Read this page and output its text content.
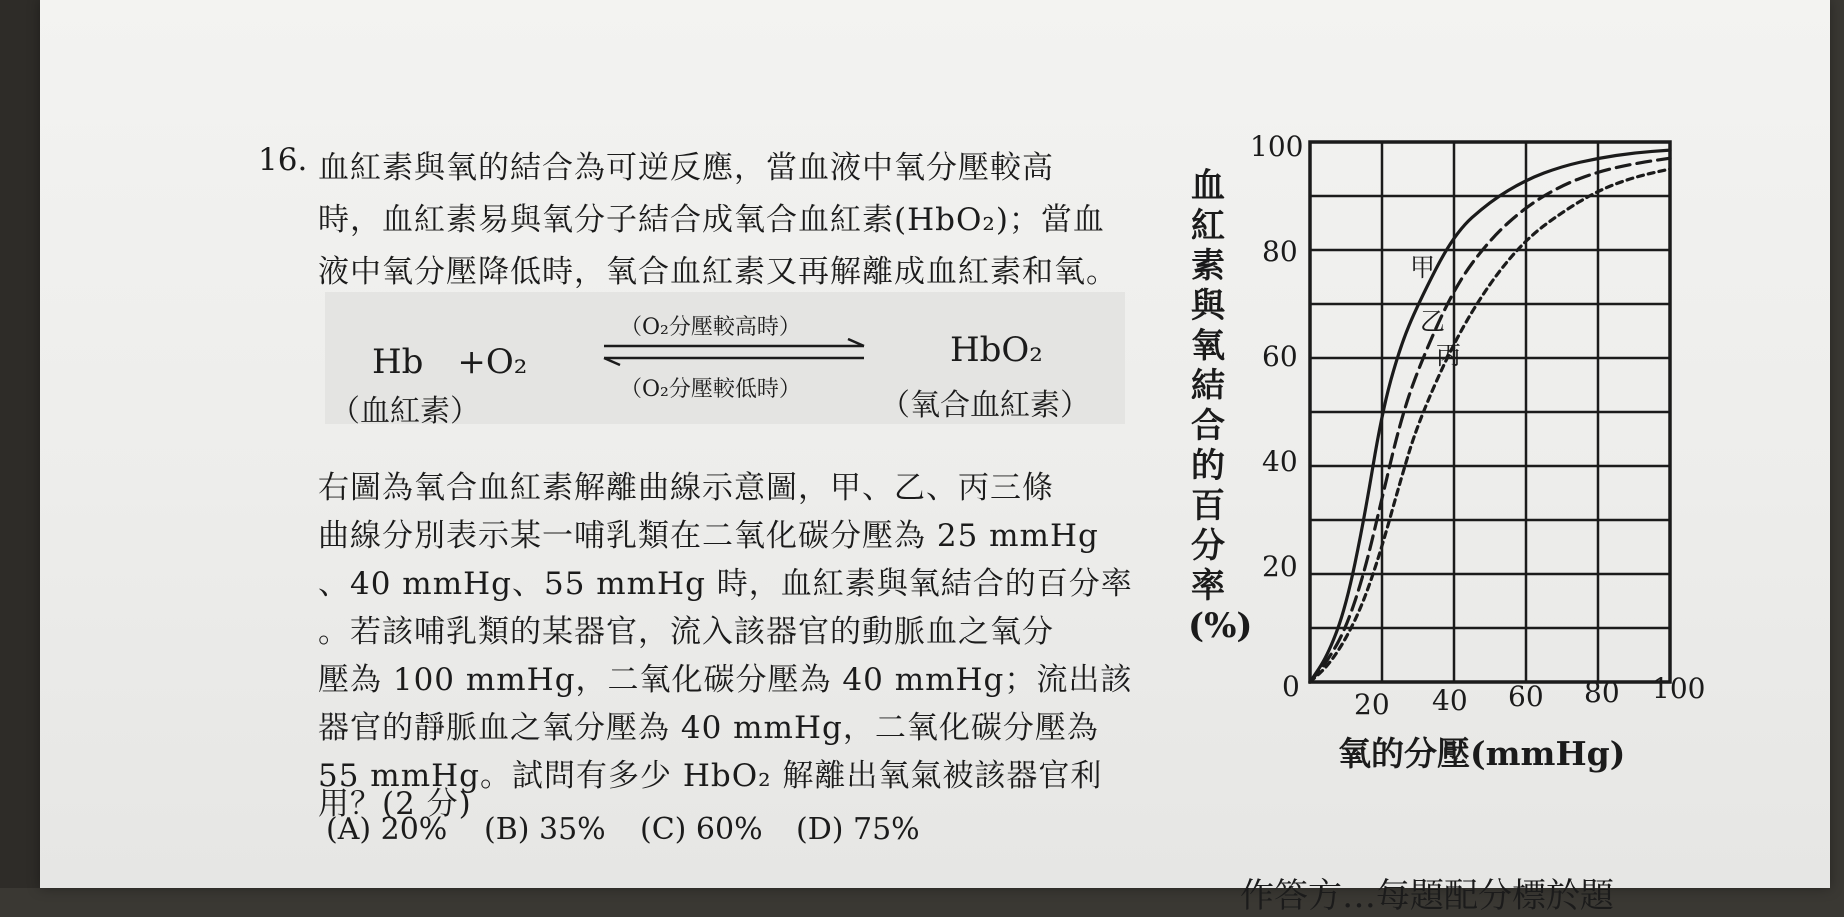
16. 血紅素與氧的結合為可逆反應，當血液中氧分壓較高
時，血紅素易與氧分子結合成氧合血紅素(HbO₂)；當血
液中氧分壓降低時，氧合血紅素又再解離成血紅素和氧。
Hb　+O₂
（血紅素）
（O₂分壓較高時）
（O₂分壓較低時）
HbO₂
（氧合血紅素）
右圖為氧合血紅素解離曲線示意圖，甲、乙、丙三條
曲線分別表示某一哺乳類在二氧化碳分壓為 25 mmHg
、40 mmHg、55 mmHg 時，血紅素與氧結合的百分率
。若該哺乳類的某器官，流入該器官的動脈血之氧分
壓為 100 mmHg，二氧化碳分壓為 40 mmHg；流出該
器官的靜脈血之氧分壓為 40 mmHg，二氧化碳分壓為
55 mmHg。試問有多少 HbO₂ 解離出氧氣被該器官利
用？(2 分)
(A) 20% (B) 35% (C) 60% (D) 75%
血紅素與氧結合的百分率(%)
100
80
60
40
20
0
20 40 60 80 100
氧的分壓(mmHg)
甲
乙
丙
作答方…每題配分標於題
